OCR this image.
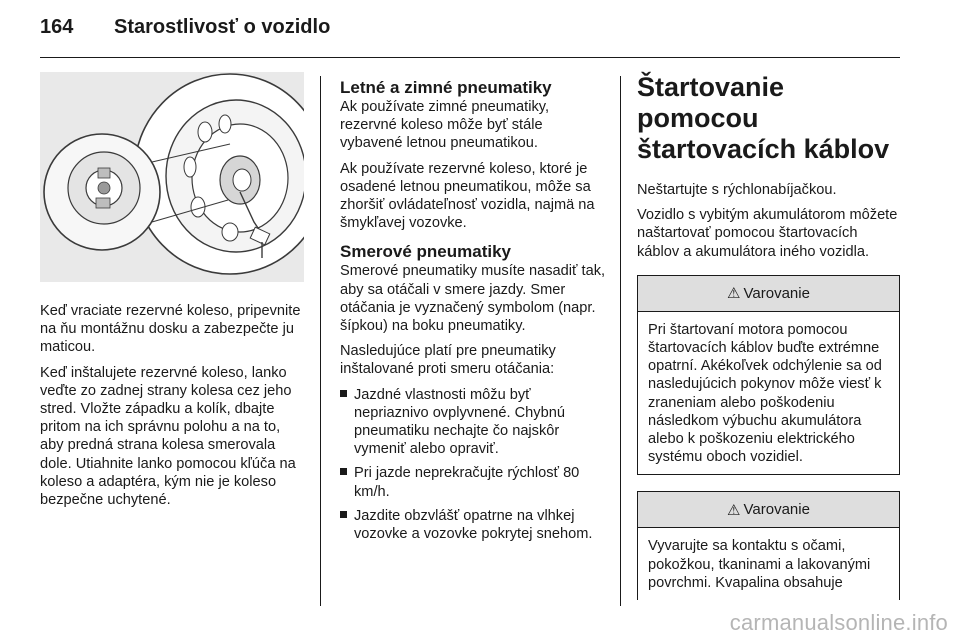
164	Starostlivosť o vozidlo

Keď vraciate rezervné koleso, pripevnite na ňu montážnu dosku a zabezpečte ju maticou.

Keď inštalujete rezervné koleso, lanko veďte zo zadnej strany kolesa cez jeho stred. Vložte západku a kolík, dbajte pritom na ich správnu polohu a na to, aby predná strana kolesa smerovala dole. Utiahnite lanko pomocou kľúča na koleso a adaptéra, kým nie je koleso bezpečne uchytené.

Letné a zimné pneumatiky

Ak používate zimné pneumatiky, rezervné koleso môže byť stále vybavené letnou pneumatikou.

Ak používate rezervné koleso, ktoré je osadené letnou pneumatikou, môže sa zhoršiť ovládateľnosť vozidla, najmä na šmykľavej vozovke.

Smerové pneumatiky

Smerové pneumatiky musíte nasadiť tak, aby sa otáčali v smere jazdy. Smer otáčania je vyznačený symbolom (napr. šípkou) na boku pneumatiky.

Nasledujúce platí pre pneumatiky inštalované proti smeru otáčania:

Jazdné vlastnosti môžu byť nepriaznivo ovplyvnené. Chybnú pneumatiku nechajte čo najskôr vymeniť alebo opraviť.
Pri jazde neprekračujte rýchlosť 80 km/h.
Jazdite obzvlášť opatrne na vlhkej vozovke a vozovke pokrytej snehom.
Štartovanie pomocou štartovacích káblov

Neštartujte s rýchlonabíjačkou.

Vozidlo s vybitým akumulátorom môžete naštartovať pomocou štartovacích káblov a akumulátora iného vozidla.

⚠ Varovanie
Pri štartovaní motora pomocou štartovacích káblov buďte extrémne opatrní. Akékoľvek odchýlenie sa od nasledujúcich pokynov môže viesť k zraneniam alebo poškodeniu následkom výbuchu akumulátora alebo k poškozeniu elektrického systému oboch vozidiel.
⚠ Varovanie
Vyvarujte sa kontaktu s očami, pokožkou, tkaninami a lakovanými povrchmi. Kvapalina obsahuje
carmanualsonline.info
